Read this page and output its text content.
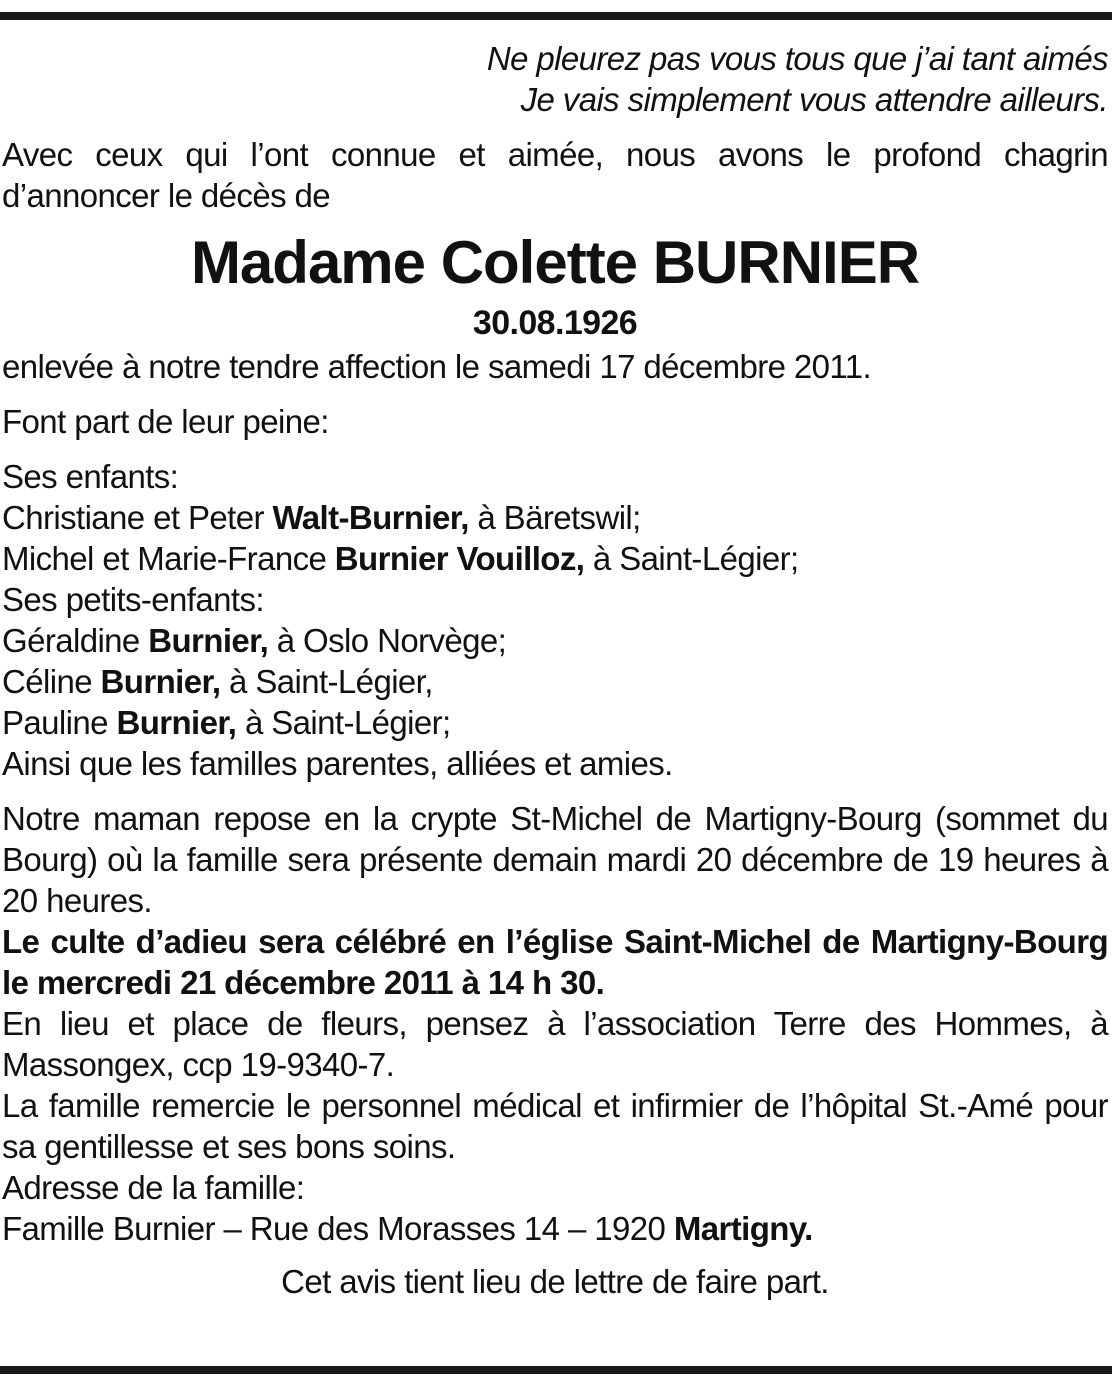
Ne pleurez pas vous tous que j’ai tant aimés
Je vais simplement vous attendre ailleurs.

Avec ceux qui l’ont connue et aimée, nous avons le profond chagrin d’annoncer le décès de

Madame Colette BURNIER
30.08.1926

enlevée à notre tendre affection le samedi 17 décembre 2011.

Font part de leur peine:

Ses enfants:
Christiane et Peter Walt-Burnier, à Bäretswil;
Michel et Marie-France Burnier Vouilloz, à Saint-Légier;
Ses petits-enfants:
Géraldine Burnier, à Oslo Norvège;
Céline Burnier, à Saint-Légier,
Pauline Burnier, à Saint-Légier;
Ainsi que les familles parentes, alliées et amies.

Notre maman repose en la crypte St-Michel de Martigny-Bourg (sommet du Bourg) où la famille sera présente demain mardi 20 décembre de 19 heures à 20 heures.

Le culte d’adieu sera célébré en l’église Saint-Michel de Martigny-Bourg le mercredi 21 décembre 2011 à 14 h 30.

En lieu et place de fleurs, pensez à l’association Terre des Hommes, à Massongex, ccp 19-9340-7.

La famille remercie le personnel médical et infirmier de l’hôpital St.-Amé pour sa gentillesse et ses bons soins.

Adresse de la famille:

Famille Burnier – Rue des Morasses 14 – 1920 Martigny.

Cet avis tient lieu de lettre de faire part.
